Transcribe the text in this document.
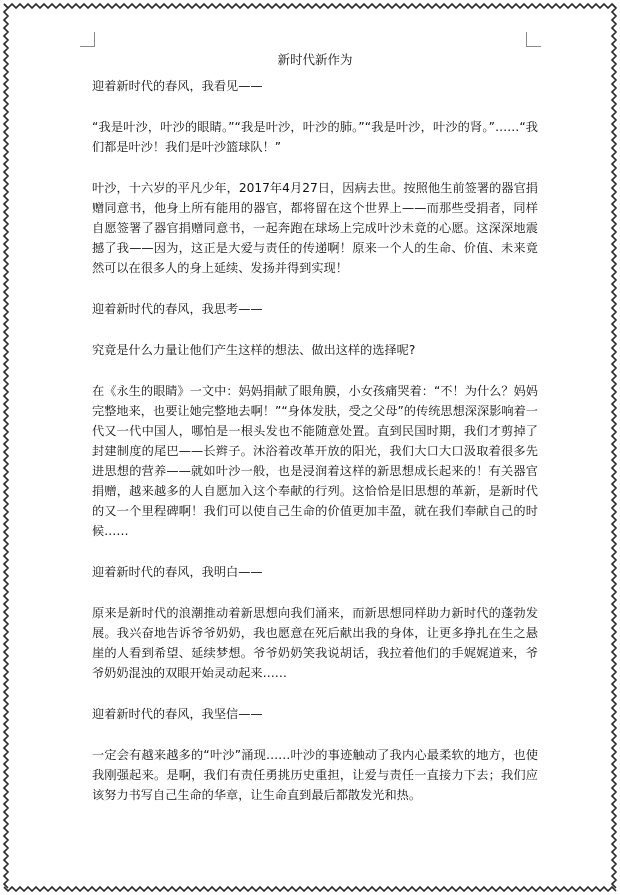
新时代新作为

迎着新时代的春风，我看见——

“我是叶沙，叶沙的眼睛。”“我是叶沙，叶沙的肺。”“我是叶沙，叶沙的肾。”……“我们都是叶沙！我们是叶沙篮球队！”

叶沙，十六岁的平凡少年，2017年4月27日，因病去世。按照他生前签署的器官捐赠同意书，他身上所有能用的器官，都将留在这个世界上——而那些受捐者，同样自愿签署了器官捐赠同意书，一起奔跑在球场上完成叶沙未竟的心愿。这深深地震撼了我——因为，这正是大爱与责任的传递啊！原来一个人的生命、价值、未来竟然可以在很多人的身上延续、发扬并得到实现！

迎着新时代的春风，我思考——

究竟是什么力量让他们产生这样的想法、做出这样的选择呢?

在《永生的眼睛》一文中：妈妈捐献了眼角膜，小女孩痛哭着：“不！为什么？妈妈完整地来，也要让她完整地去啊！”“身体发肤，受之父母”的传统思想深深影响着一代又一代中国人，哪怕是一根头发也不能随意处置。直到民国时期，我们才剪掉了封建制度的尾巴——长辫子。沐浴着改革开放的阳光，我们大口大口汲取着很多先进思想的营养——就如叶沙一般，也是浸润着这样的新思想成长起来的！有关器官捐赠，越来越多的人自愿加入这个奉献的行列。这恰恰是旧思想的革新，是新时代的又一个里程碑啊！我们可以使自己生命的价值更加丰盈，就在我们奉献自己的时候……

迎着新时代的春风，我明白——

原来是新时代的浪潮推动着新思想向我们涌来，而新思想同样助力新时代的蓬勃发展。我兴奋地告诉爷爷奶奶，我也愿意在死后献出我的身体，让更多挣扎在生之悬崖的人看到希望、延续梦想。爷爷奶奶笑我说胡话，我拉着他们的手娓娓道来，爷爷奶奶混浊的双眼开始灵动起来……

迎着新时代的春风，我坚信——

一定会有越来越多的“叶沙”涌现……叶沙的事迹触动了我内心最柔软的地方，也使我刚强起来。是啊，我们有责任勇挑历史重担，让爱与责任一直接力下去；我们应该努力书写自己生命的华章，让生命直到最后都散发光和热。
